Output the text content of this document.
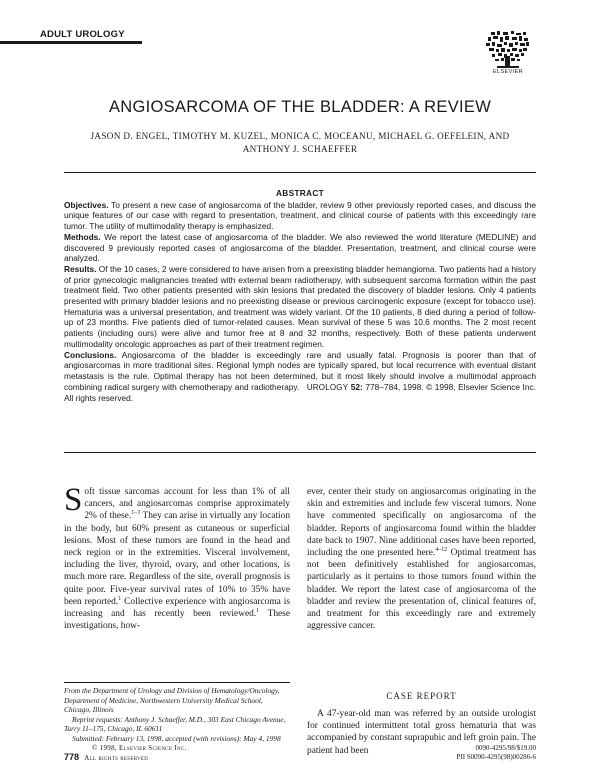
ADULT UROLOGY
ELSEVIER
ANGIOSARCOMA OF THE BLADDER: A REVIEW
JASON D. ENGEL, TIMOTHY M. KUZEL, MONICA C. MOCEANU, MICHAEL G. OEFELEIN, AND
ANTHONY J. SCHAEFFER
ABSTRACT

Objectives. To present a new case of angiosarcoma of the bladder, review 9 other previously reported cases, and discuss the unique features of our case with regard to presentation, treatment, and clinical course of patients with this exceedingly rare tumor. The utility of multimodality therapy is emphasized.

Methods. We report the latest case of angiosarcoma of the bladder. We also reviewed the world literature (MEDLINE) and discovered 9 previously reported cases of angiosarcoma of the bladder. Presentation, treatment, and clinical course were analyzed.

Results. Of the 10 cases, 2 were considered to have arisen from a preexisting bladder hemangioma. Two patients had a history of prior gynecologic malignancies treated with external beam radiotherapy, with subsequent sarcoma formation within the past treatment field. Two other patients presented with skin lesions that predated the discovery of bladder lesions. Only 4 patients presented with primary bladder lesions and no preexisting disease or previous carcinogenic exposure (except for tobacco use). Hematuria was a universal presentation, and treatment was widely variant. Of the 10 patients, 8 died during a period of follow-up of 23 months. Five patients died of tumor-related causes. Mean survival of these 5 was 10.6 months. The 2 most recent patients (including ours) were alive and tumor free at 8 and 32 months, respectively. Both of these patients underwent multimodality oncologic approaches as part of their treatment regimen.

Conclusions. Angiosarcoma of the bladder is exceedingly rare and usually fatal. Prognosis is poorer than that of angiosarcomas in more traditional sites. Regional lymph nodes are typically spared, but local recurrence with eventual distant metastasis is the rule. Optimal therapy has not been determined, but it most likely should involve a multimodal approach combining radical surgery with chemotherapy and radiotherapy. UROLOGY 52: 778–784, 1998. © 1998, Elsevier Science Inc. All rights reserved.

Soft tissue sarcomas account for less than 1% of all cancers, and angiosarcomas comprise approximately 2% of these.$^{1-3}$ They can arise in virtually any location in the body, but 60% present as cutaneous or superficial lesions. Most of these tumors are found in the head and neck region or in the extremities. Visceral involvement, including the liver, thyroid, ovary, and other locations, is much more rare. Regardless of the site, overall prognosis is quite poor. Five-year survival rates of 10% to 35% have been reported.$^1$ Collective experience with angiosarcoma is increasing and has recently been reviewed.$^1$ These investigations, how-

ever, center their study on angiosarcomas originating in the skin and extremities and include few visceral tumors. None have commented specifically on angiosarcoma of the bladder. Reports of angiosarcoma found within the bladder date back to 1907. Nine additional cases have been reported, including the one presented here.$^{4-12}$ Optimal treatment has not been definitively established for angiosarcomas, particularly as it pertains to those tumors found within the bladder. We report the latest case of angiosarcoma of the bladder and review the presentation of, clinical features of, and treatment for this exceedingly rare and extremely aggressive cancer.

CASE REPORT

A 47-year-old man was referred by an outside urologist for continued intermittent total gross hematuria that was accompanied by constant suprapubic and left groin pain. The patient had been

From the Department of Urology and Division of Hematology/Oncology, Department of Medicine, Northwestern University Medical School, Chicago, Illinois

Reprint requests: Anthony J. Schaeffer, M.D., 303 East Chicago Avenue, Tarry 11–175, Chicago, IL 60611

Submitted: February 13, 1998, accepted (with revisions): May 4, 1998

© 1998, Elsevier Science Inc.
778 All rights reserved
0090-4295/98/$19.00
PII S0090-4295(98)00286-6
